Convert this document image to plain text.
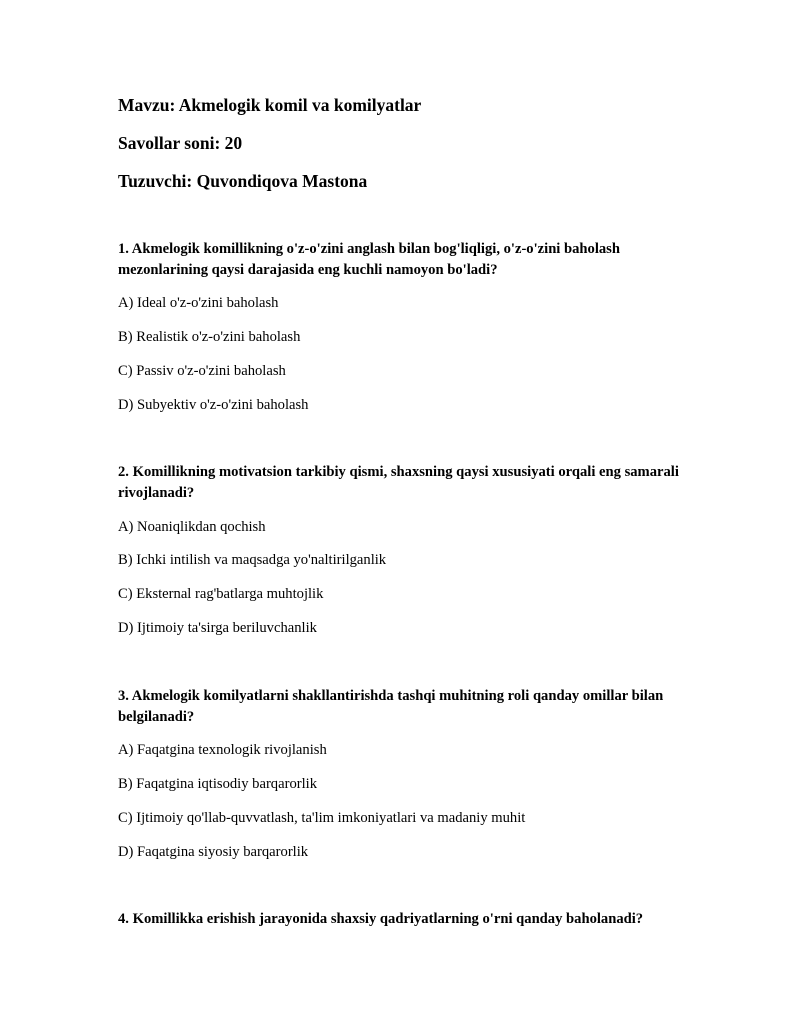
Mavzu: Akmelogik komil va komilyatlar
Savollar soni: 20
Tuzuvchi: Quvondiqova Mastona
1. Akmelogik komillikning o'z-o'zini anglash bilan bog'liqligi, o'z-o'zini baholash mezonlarining qaysi darajasida eng kuchli namoyon bo'ladi?
A) Ideal o'z-o'zini baholash
B) Realistik o'z-o'zini baholash
C) Passiv o'z-o'zini baholash
D) Subyektiv o'z-o'zini baholash
2. Komillikning motivatsion tarkibiy qismi, shaxsning qaysi xususiyati orqali eng samarali rivojlanadi?
A) Noaniqlikdan qochish
B) Ichki intilish va maqsadga yo'naltirilganlik
C) Eksternal rag'batlarga muhtojlik
D) Ijtimoiy ta'sirga beriluvchanlik
3. Akmelogik komilyatlarni shakllantirishda tashqi muhitning roli qanday omillar bilan belgilanadi?
A) Faqatgina texnologik rivojlanish
B) Faqatgina iqtisodiy barqarorlik
C) Ijtimoiy qo'llab-quvvatlash, ta'lim imkoniyatlari va madaniy muhit
D) Faqatgina siyosiy barqarorlik
4. Komillikka erishish jarayonida shaxsiy qadriyatlarning o'rni qanday baholanadi?
